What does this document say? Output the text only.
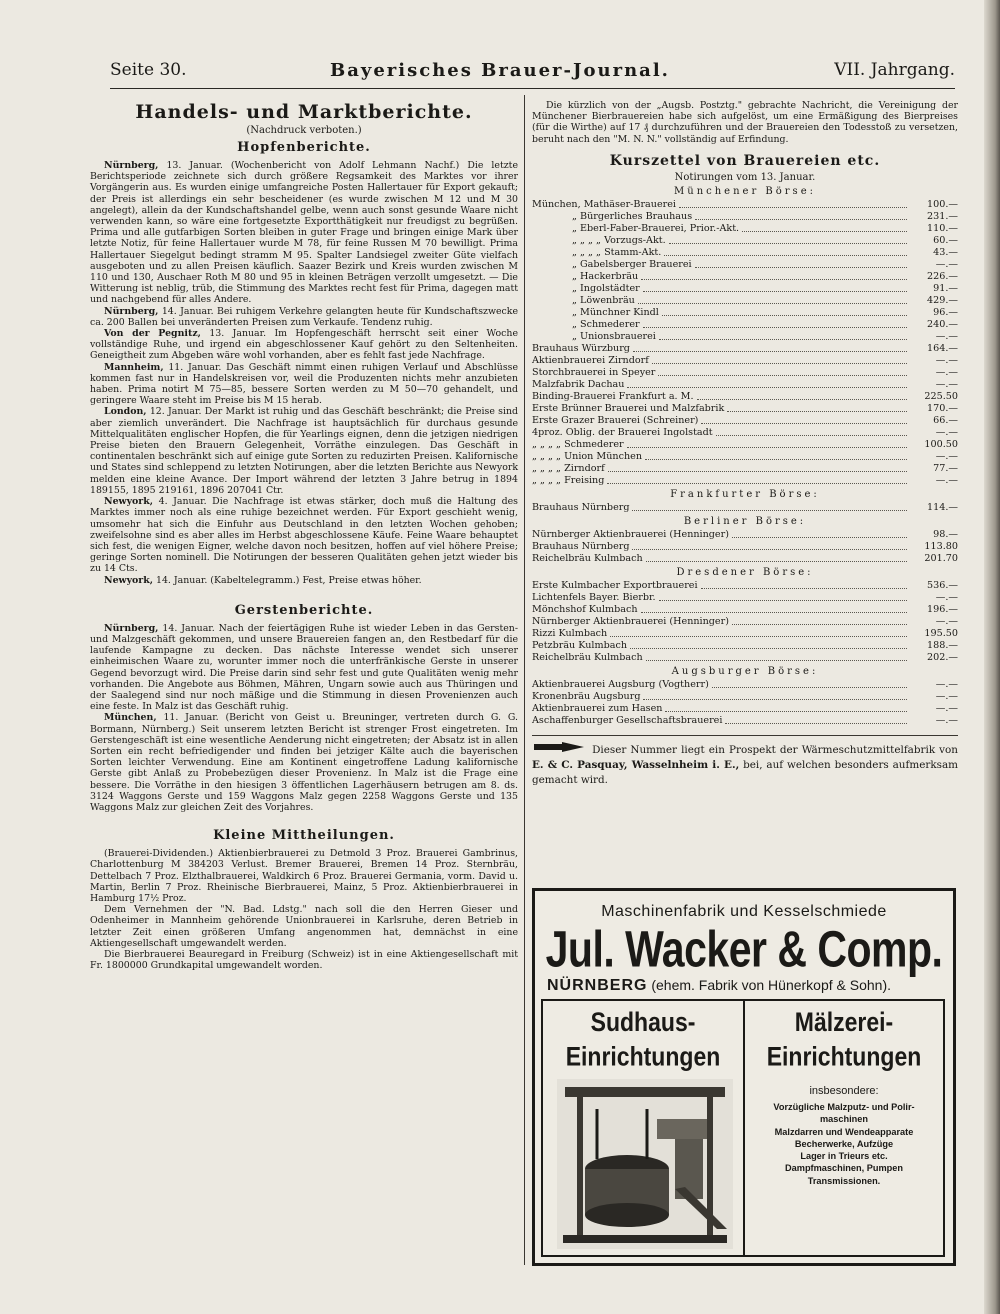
Seite 30.	Bayerisches Brauer-Journal.	VII. Jahrgang.
Handels- und Marktberichte.
(Nachdruck verboten.)
Hopfenberichte.

Nürnberg, 13. Januar. (Wochenbericht von Adolf Lehmann Nachf.) Die letzte Berichtsperiode zeichnete sich durch größere Regsamkeit des Marktes vor ihrer Vorgängerin aus. Es wurden einige umfangreiche Posten Hallertauer für Export gekauft; der Preis ist allerdings ein sehr bescheidener (es wurde zwischen M 12 und M 30 angelegt), allein da der Kundschaftshandel gelbe, wenn auch sonst gesunde Waare nicht verwenden kann, so wäre eine fortgesetzte Exportthätigkeit nur freudigst zu begrüßen. Prima und alle gutfarbigen Sorten bleiben in guter Frage und bringen einige Mark über letzte Notiz, für feine Hallertauer wurde M 78, für feine Russen M 70 bewilligt. Prima Hallertauer Siegelgut bedingt stramm M 95. Spalter Landsiegel zweiter Güte vielfach ausgeboten und zu allen Preisen käuflich. Saazer Bezirk und Kreis wurden zwischen M 110 und 130, Auschaer Roth M 80 und 95 in kleinen Beträgen verzollt umgesetzt. — Die Witterung ist neblig, trüb, die Stimmung des Marktes recht fest für Prima, dagegen matt und nachgebend für alles Andere.

Nürnberg, 14. Januar. Bei ruhigem Verkehre gelangten heute für Kundschaftszwecke ca. 200 Ballen bei unveränderten Preisen zum Verkaufe. Tendenz ruhig.

Von der Pegnitz, 13. Januar. Im Hopfengeschäft herrscht seit einer Woche vollständige Ruhe, und irgend ein abgeschlossener Kauf gehört zu den Seltenheiten. Geneigtheit zum Abgeben wäre wohl vorhanden, aber es fehlt fast jede Nachfrage.

Mannheim, 11. Januar. Das Geschäft nimmt einen ruhigen Verlauf und Abschlüsse kommen fast nur in Handelskreisen vor, weil die Produzenten nichts mehr anzubieten haben. Prima notirt M 75—85, bessere Sorten werden zu M 50—70 gehandelt, und geringere Waare steht im Preise bis M 15 herab.

London, 12. Januar. Der Markt ist ruhig und das Geschäft beschränkt; die Preise sind aber ziemlich unverändert. Die Nachfrage ist hauptsächlich für durchaus gesunde Mittelqualitäten englischer Hopfen, die für Yearlings eignen, denn die jetzigen niedrigen Preise bieten den Brauern Gelegenheit, Vorräthe einzulegen. Das Geschäft in continentalen beschränkt sich auf einige gute Sorten zu reduzirten Preisen. Kalifornische und States sind schleppend zu letzten Notirungen, aber die letzten Berichte aus Newyork melden eine kleine Avance. Der Import während der letzten 3 Jahre betrug in 1894 189155, 1895 219161, 1896 207041 Ctr.

Newyork, 4. Januar. Die Nachfrage ist etwas stärker, doch muß die Haltung des Marktes immer noch als eine ruhige bezeichnet werden. Für Export geschieht wenig, umsomehr hat sich die Einfuhr aus Deutschland in den letzten Wochen gehoben; zweifelsohne sind es aber alles im Herbst abgeschlossene Käufe. Feine Waare behauptet sich fest, die wenigen Eigner, welche davon noch besitzen, hoffen auf viel höhere Preise; geringe Sorten nominell. Die Notirungen der besseren Qualitäten gehen jetzt wieder bis zu 14 Cts.

Newyork, 14. Januar. (Kabeltelegramm.) Fest, Preise etwas höher.

Gerstenberichte.

Nürnberg, 14. Januar. Nach der feiertägigen Ruhe ist wieder Leben in das Gersten- und Malzgeschäft gekommen, und unsere Brauereien fangen an, den Restbedarf für die laufende Kampagne zu decken. Das nächste Interesse wendet sich unserer einheimischen Waare zu, worunter immer noch die unterfränkische Gerste in unserer Gegend bevorzugt wird. Die Preise darin sind sehr fest und gute Qualitäten wenig mehr vorhanden. Die Angebote aus Böhmen, Mähren, Ungarn sowie auch aus Thüringen und der Saalegend sind nur noch mäßige und die Stimmung in diesen Provenienzen auch eine feste. In Malz ist das Geschäft ruhig.

München, 11. Januar. (Bericht von Geist u. Breuninger, vertreten durch G. G. Bormann, Nürnberg.) Seit unserem letzten Bericht ist strenger Frost eingetreten. Im Gerstengeschäft ist eine wesentliche Aenderung nicht eingetreten; der Absatz ist in allen Sorten ein recht befriedigender und finden bei jetziger Kälte auch die bayerischen Sorten leichter Verwendung. Eine am Kontinent eingetroffene Ladung kalifornische Gerste gibt Anlaß zu Probebezügen dieser Provenienz. In Malz ist die Frage eine bessere. Die Vorräthe in den hiesigen 3 öffentlichen Lagerhäusern betrugen am 8. ds. 3124 Waggons Gerste und 159 Waggons Malz gegen 2258 Waggons Gerste und 135 Waggons Malz zur gleichen Zeit des Vorjahres.

Kleine Mittheilungen.

(Brauerei-Dividenden.) Aktienbierbrauerei zu Detmold 3 Proz. Brauerei Gambrinus, Charlottenburg M 384203 Verlust. Bremer Brauerei, Bremen 14 Proz. Sternbräu, Dettelbach 7 Proz. Elzthalbrauerei, Waldkirch 6 Proz. Brauerei Germania, vorm. David u. Martin, Berlin 7 Proz. Rheinische Bierbrauerei, Mainz, 5 Proz. Aktienbierbrauerei in Hamburg 17½ Proz.

Dem Vernehmen der "N. Bad. Ldstg." nach soll die den Herren Gieser und Odenheimer in Mannheim gehörende Unionbrauerei in Karlsruhe, deren Betrieb in letzter Zeit einen größeren Umfang angenommen hat, demnächst in eine Aktiengesellschaft umgewandelt werden.

Die Bierbrauerei Beauregard in Freiburg (Schweiz) ist in eine Aktiengesellschaft mit Fr. 1800000 Grundkapital umgewandelt worden.

Die kürzlich von der „Augsb. Postztg." gebrachte Nachricht, die Vereinigung der Münchener Bierbrauereien habe sich aufgelöst, um eine Ermäßigung des Bierpreises (für die Wirthe) auf 17 ₰ durchzuführen und der Brauereien den Todesstoß zu versetzen, beruht nach den "M. N. N." vollständig auf Erfindung.

Kurszettel von Brauereien etc.
Notirungen vom 13. Januar.
Münchener Börse:
München, Mathäser-Brauerei	100.—
„ Bürgerliches Brauhaus	231.—
„ Eberl-Faber-Brauerei, Prior.-Akt.	110.—
„ „ „ „ Vorzugs-Akt.	60.—
„ „ „ „ Stamm-Akt.	43.—
„ Gabelsberger Brauerei	—.—
„ Hackerbräu	226.—
„ Ingolstädter	91.—
„ Löwenbräu	429.—
„ Münchner Kindl	96.—
„ Schmederer	240.—
„ Unionsbrauerei	—.—
Brauhaus Würzburg	164.—
Aktienbrauerei Zirndorf	—.—
Storchbrauerei in Speyer	—.—
Malzfabrik Dachau	—.—
Binding-Brauerei Frankfurt a. M.	225.50
Erste Brünner Brauerei und Malzfabrik	170.—
Erste Grazer Brauerei (Schreiner)	66.—
4proz. Oblig. der Brauerei Ingolstadt	—.—
„ „ „ „ Schmederer	100.50
„ „ „ „ Union München	—.—
„ „ „ „ Zirndorf	77.—
„ „ „ „ Freising	—.—
Frankfurter Börse:
Brauhaus Nürnberg	114.—
Berliner Börse:
Nürnberger Aktienbrauerei (Henninger)	98.—
Brauhaus Nürnberg	113.80
Reichelbräu Kulmbach	201.70
Dresdener Börse:
Erste Kulmbacher Exportbrauerei	536.—
Lichtenfels Bayer. Bierbr.	—.—
Mönchshof Kulmbach	196.—
Nürnberger Aktienbrauerei (Henninger)	—.—
Rizzi Kulmbach	195.50
Petzbräu Kulmbach	188.—
Reichelbräu Kulmbach	202.—
Augsburger Börse:
Aktienbrauerei Augsburg (Vogtherr)	—.—
Kronenbräu Augsburg	—.—
Aktienbrauerei zum Hasen	—.—
Aschaffenburger Gesellschaftsbrauerei	—.—
Dieser Nummer liegt ein Prospekt der Wärmeschutzmittelfabrik von E. & C. Pasquay, Wasselnheim i. E., bei, auf welchen besonders aufmerksam gemacht wird.
Maschinenfabrik und Kesselschmiede
Jul. Wacker & Comp.
NÜRNBERG (ehem. Fabrik von Hünerkopf & Sohn).
Sudhaus-
Einrichtungen
Mälzerei-
Einrichtungen
insbesondere:
Vorzügliche Malzputz- und Polir-
maschinen
Malzdarren und Wendeapparate
Becherwerke, Aufzüge
Lager in Trieurs etc.
Dampfmaschinen, Pumpen
Transmissionen.
